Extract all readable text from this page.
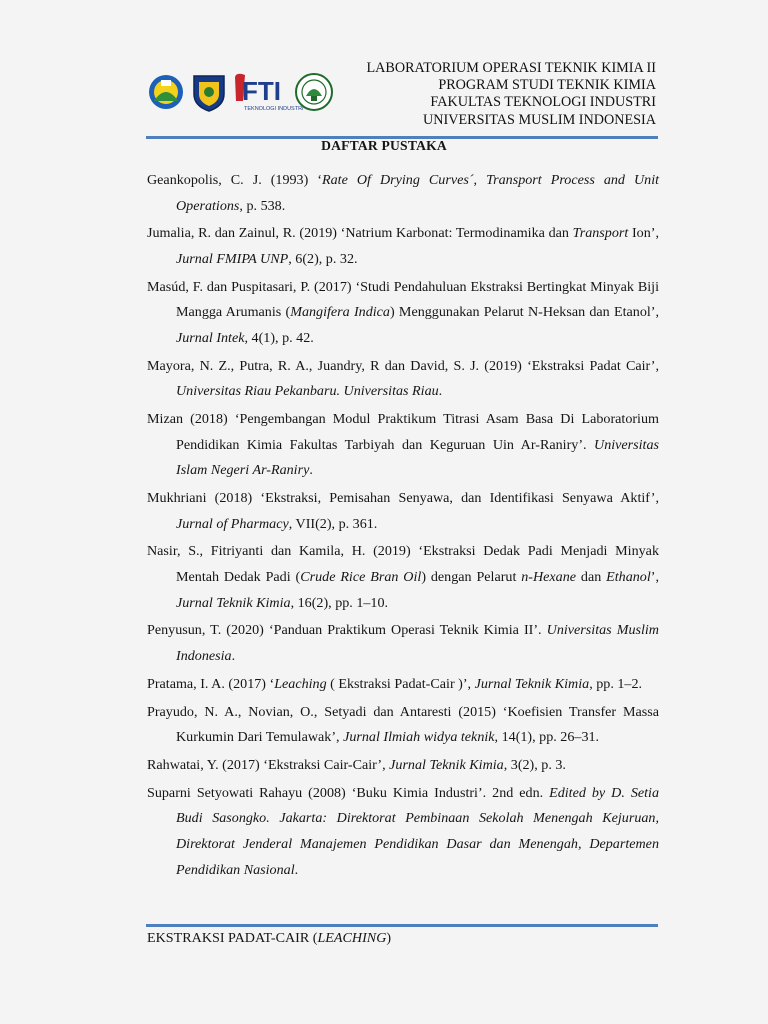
FTI
TEKNOLOGI INDUSTRI
LABORATORIUM OPERASI TEKNIK KIMIA II
PROGRAM STUDI TEKNIK KIMIA
FAKULTAS TEKNOLOGI INDUSTRI
UNIVERSITAS MUSLIM INDONESIA
DAFTAR PUSTAKA
Geankopolis, C. J. (1993) ‘Rate Of Drying Curves´, Transport Process and Unit Operations, p. 538.
Jumalia, R. dan Zainul, R. (2019) ‘Natrium Karbonat: Termodinamika dan Transport Ion’, Jurnal FMIPA UNP, 6(2), p. 32.
Masúd, F. dan Puspitasari, P. (2017) ‘Studi Pendahuluan Ekstraksi Bertingkat Minyak Biji Mangga Arumanis (Mangifera Indica) Menggunakan Pelarut N-Heksan dan Etanol’, Jurnal Intek, 4(1), p. 42.
Mayora, N. Z., Putra, R. A., Juandry, R dan David, S. J. (2019) ‘Ekstraksi Padat Cair’, Universitas Riau Pekanbaru. Universitas Riau.
Mizan (2018) ‘Pengembangan Modul Praktikum Titrasi Asam Basa Di Laboratorium Pendidikan Kimia Fakultas Tarbiyah dan Keguruan Uin Ar-Raniry’. Universitas Islam Negeri Ar-Raniry.
Mukhriani (2018) ‘Ekstraksi, Pemisahan Senyawa, dan Identifikasi Senyawa Aktif’, Jurnal of Pharmacy, VII(2), p. 361.
Nasir, S., Fitriyanti dan Kamila, H. (2019) ‘Ekstraksi Dedak Padi Menjadi Minyak Mentah Dedak Padi (Crude Rice Bran Oil) dengan Pelarut n-Hexane dan Ethanol’, Jurnal Teknik Kimia, 16(2), pp. 1–10.
Penyusun, T. (2020) ‘Panduan Praktikum Operasi Teknik Kimia II’. Universitas Muslim Indonesia.
Pratama, I. A. (2017) ‘Leaching ( Ekstraksi Padat-Cair )’, Jurnal Teknik Kimia, pp. 1–2.
Prayudo, N. A., Novian, O., Setyadi dan Antaresti (2015) ‘Koefisien Transfer Massa Kurkumin Dari Temulawak’, Jurnal Ilmiah widya teknik, 14(1), pp. 26–31.
Rahwatai, Y. (2017) ‘Ekstraksi Cair-Cair’, Jurnal Teknik Kimia, 3(2), p. 3.
Suparni Setyowati Rahayu (2008) ‘Buku Kimia Industri’. 2nd edn. Edited by D. Setia Budi Sasongko. Jakarta: Direktorat Pembinaan Sekolah Menengah Kejuruan, Direktorat Jenderal Manajemen Pendidikan Dasar dan Menengah, Departemen Pendidikan Nasional.
EKSTRAKSI PADAT-CAIR (LEACHING)
